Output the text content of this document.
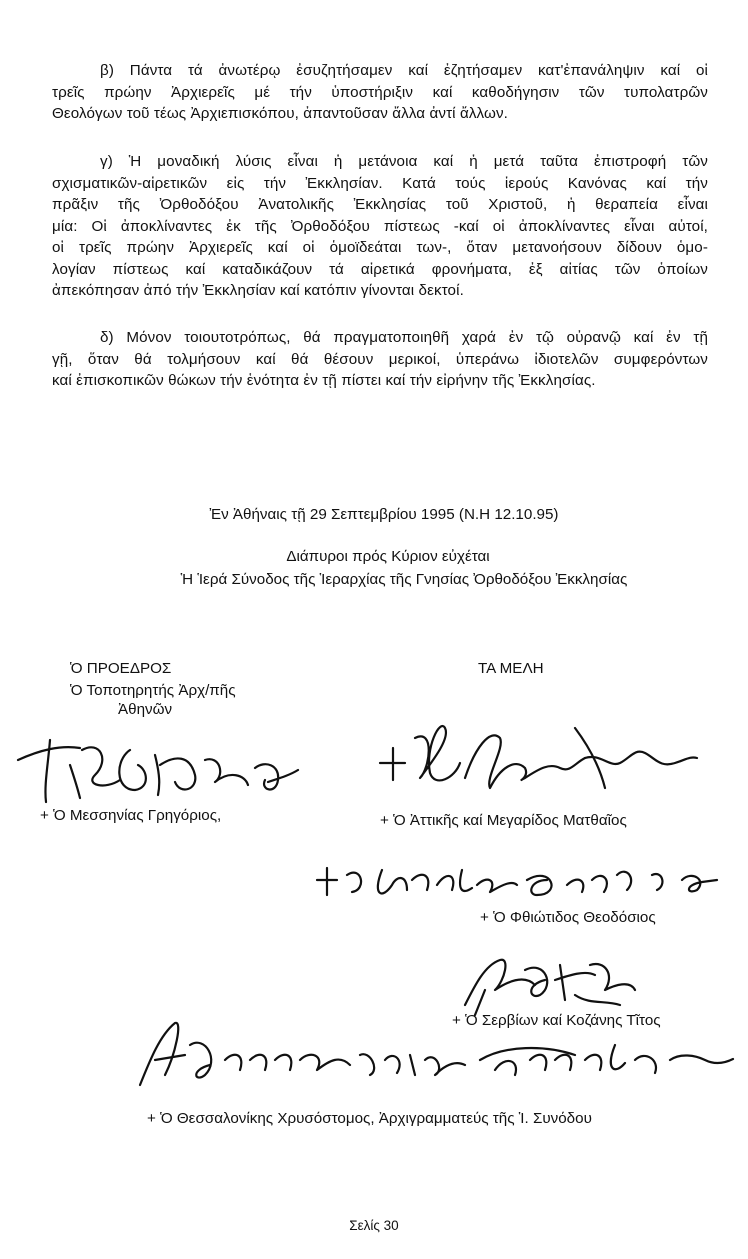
β) Πάντα τά ἀνωτέρῳ ἐσυζητήσαμεν καί ἐζητήσαμεν κατ'ἐπανάληψιν καί οἱ
τρεῖς πρώην Ἀρχιερεῖς μέ τήν ὑποστήριξιν καί καθοδήγησιν τῶν τυπολατρῶν
Θεολόγων τοῦ τέως Ἀρχιεπισκόπου, ἀπαντοῦσαν ἄλλα ἀντί ἄλλων.
γ) Ἡ μοναδική λύσις εἶναι ἡ μετάνοια καί ἡ μετά ταῦτα ἐπιστροφή τῶν
σχισματικῶν-αἱρετικῶν εἰς τήν Ἐκκλησίαν. Κατά τούς ἱερούς Κανόνας καί τήν
πρᾶξιν τῆς Ὀρθοδόξου Ἀνατολικῆς Ἐκκλησίας τοῦ Χριστοῦ, ἡ θεραπεία εἶναι
μία: Οἱ ἀποκλίναντες ἐκ τῆς Ὀρθοδόξου πίστεως -καί οἱ ἀποκλίναντες εἶναι αὐτοί,
οἱ τρεῖς πρώην Ἀρχιερεῖς καί οἱ ὁμοϊδεάται των-, ὅταν μετανοήσουν δίδουν ὁμο-
λογίαν πίστεως καί καταδικάζουν τά αἱρετικά φρονήματα, ἐξ αἰτίας τῶν ὁποίων
ἀπεκόπησαν ἀπό τήν Ἐκκλησίαν καί κατόπιν γίνονται δεκτοί.
δ) Μόνον τοιουτοτρόπως, θά πραγματοποιηθῆ χαρά ἐν τῷ οὐρανῷ καί ἐν τῇ
γῇ, ὅταν θά τολμήσουν καί θά θέσουν μερικοί, ὑπεράνω ἰδιοτελῶν συμφερόντων
καί ἐπισκοπικῶν θώκων τήν ἑνότητα ἐν τῇ πίστει καί τήν εἰρήνην τῆς Ἐκκλησίας.
Ἐν Ἀθήναις τῇ 29 Σεπτεμβρίου 1995 (Ν.Η 12.10.95)
Διάπυροι πρός Κύριον εὐχέται
Ἡ Ἱερά Σύνοδος τῆς Ἱεραρχίας τῆς Γνησίας Ὀρθοδόξου Ἐκκλησίας
Ὁ ΠΡΟΕΔΡΟΣ
Ὁ Τοποτηρητής Ἀρχ/πῆς
Ἀθηνῶν
ΤΑ ΜΕΛΗ
+ Ὁ Μεσσηνίας Γρηγόριος,	+ Ὁ Ἀττικῆς καί Μεγαρίδος Ματθαῖος
+ Ὁ Φθιώτιδος Θεοδόσιος
+ Ὁ Σερβίων καί Κοζάνης Τῖτος
+ Ὁ Θεσσαλονίκης Χρυσόστομος, Ἀρχιγραμματεύς τῆς Ἱ. Συνόδου
Σελίς 30
